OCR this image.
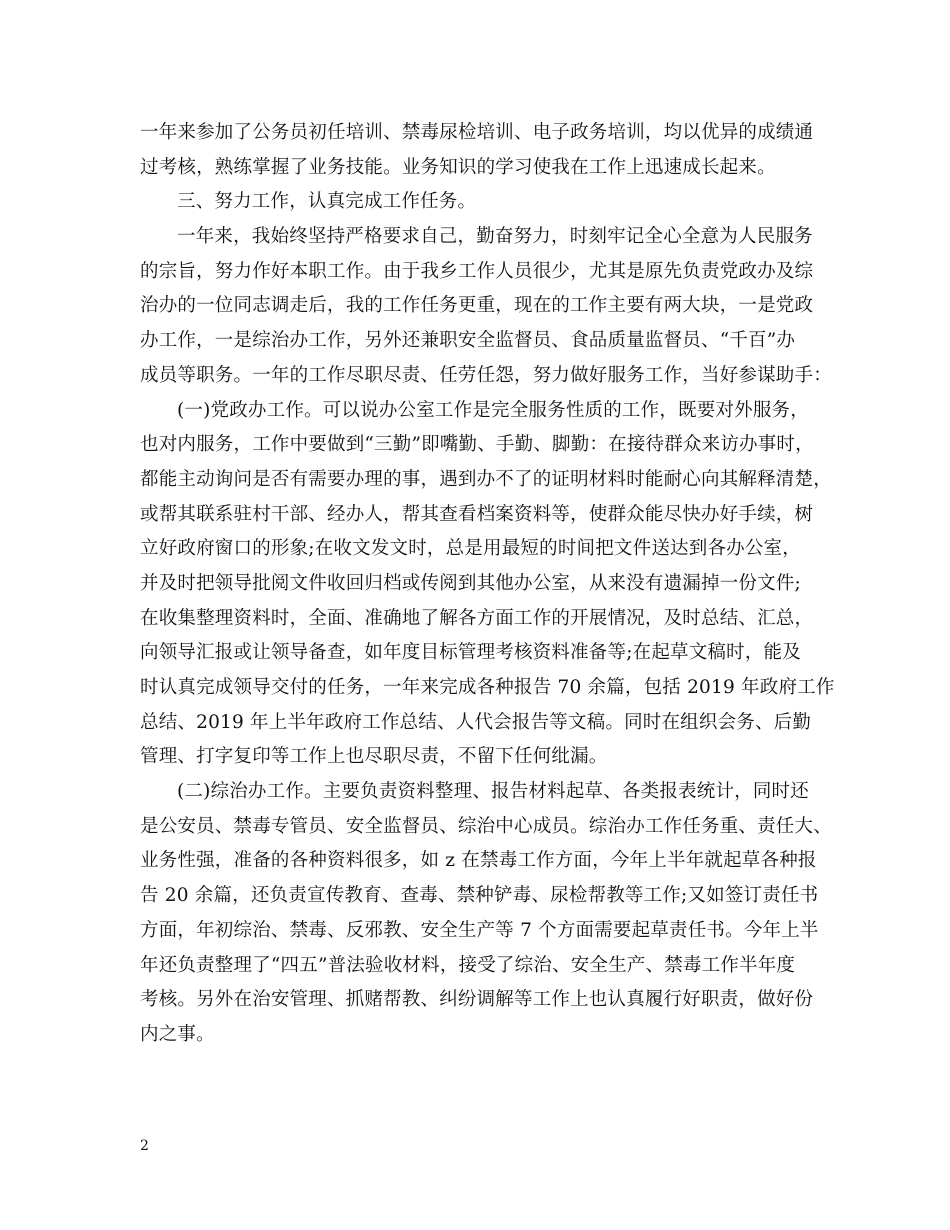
一年来参加了公务员初任培训、禁毒尿检培训、电子政务培训，均以优异的成绩通
过考核，熟练掌握了业务技能。业务知识的学习使我在工作上迅速成长起来。
三、努力工作，认真完成工作任务。
一年来，我始终坚持严格要求自己，勤奋努力，时刻牢记全心全意为人民服务
的宗旨，努力作好本职工作。由于我乡工作人员很少，尤其是原先负责党政办及综
治办的一位同志调走后，我的工作任务更重，现在的工作主要有两大块，一是党政
办工作，一是综治办工作，另外还兼职安全监督员、食品质量监督员、“千百”办
成员等职务。一年的工作尽职尽责、任劳任怨，努力做好服务工作，当好参谋助手：
(一)党政办工作。可以说办公室工作是完全服务性质的工作，既要对外服务，
也对内服务，工作中要做到“三勤”即嘴勤、手勤、脚勤：在接待群众来访办事时，
都能主动询问是否有需要办理的事，遇到办不了的证明材料时能耐心向其解释清楚，
或帮其联系驻村干部、经办人，帮其查看档案资料等，使群众能尽快办好手续，树
立好政府窗口的形象;在收文发文时，总是用最短的时间把文件送达到各办公室，
并及时把领导批阅文件收回归档或传阅到其他办公室，从来没有遗漏掉一份文件;
在收集整理资料时，全面、准确地了解各方面工作的开展情况，及时总结、汇总，
向领导汇报或让领导备查，如年度目标管理考核资料准备等;在起草文稿时，能及
时认真完成领导交付的任务，一年来完成各种报告 70 余篇，包括 2019 年政府工作
总结、2019 年上半年政府工作总结、人代会报告等文稿。同时在组织会务、后勤
管理、打字复印等工作上也尽职尽责，不留下任何纰漏。
(二)综治办工作。主要负责资料整理、报告材料起草、各类报表统计，同时还
是公安员、禁毒专管员、安全监督员、综治中心成员。综治办工作任务重、责任大、
业务性强，准备的各种资料很多，如 z 在禁毒工作方面，今年上半年就起草各种报
告 20 余篇，还负责宣传教育、查毒、禁种铲毒、尿检帮教等工作;又如签订责任书
方面，年初综治、禁毒、反邪教、安全生产等 7 个方面需要起草责任书。今年上半
年还负责整理了“四五”普法验收材料，接受了综治、安全生产、禁毒工作半年度
考核。另外在治安管理、抓赌帮教、纠纷调解等工作上也认真履行好职责，做好份
内之事。
2
